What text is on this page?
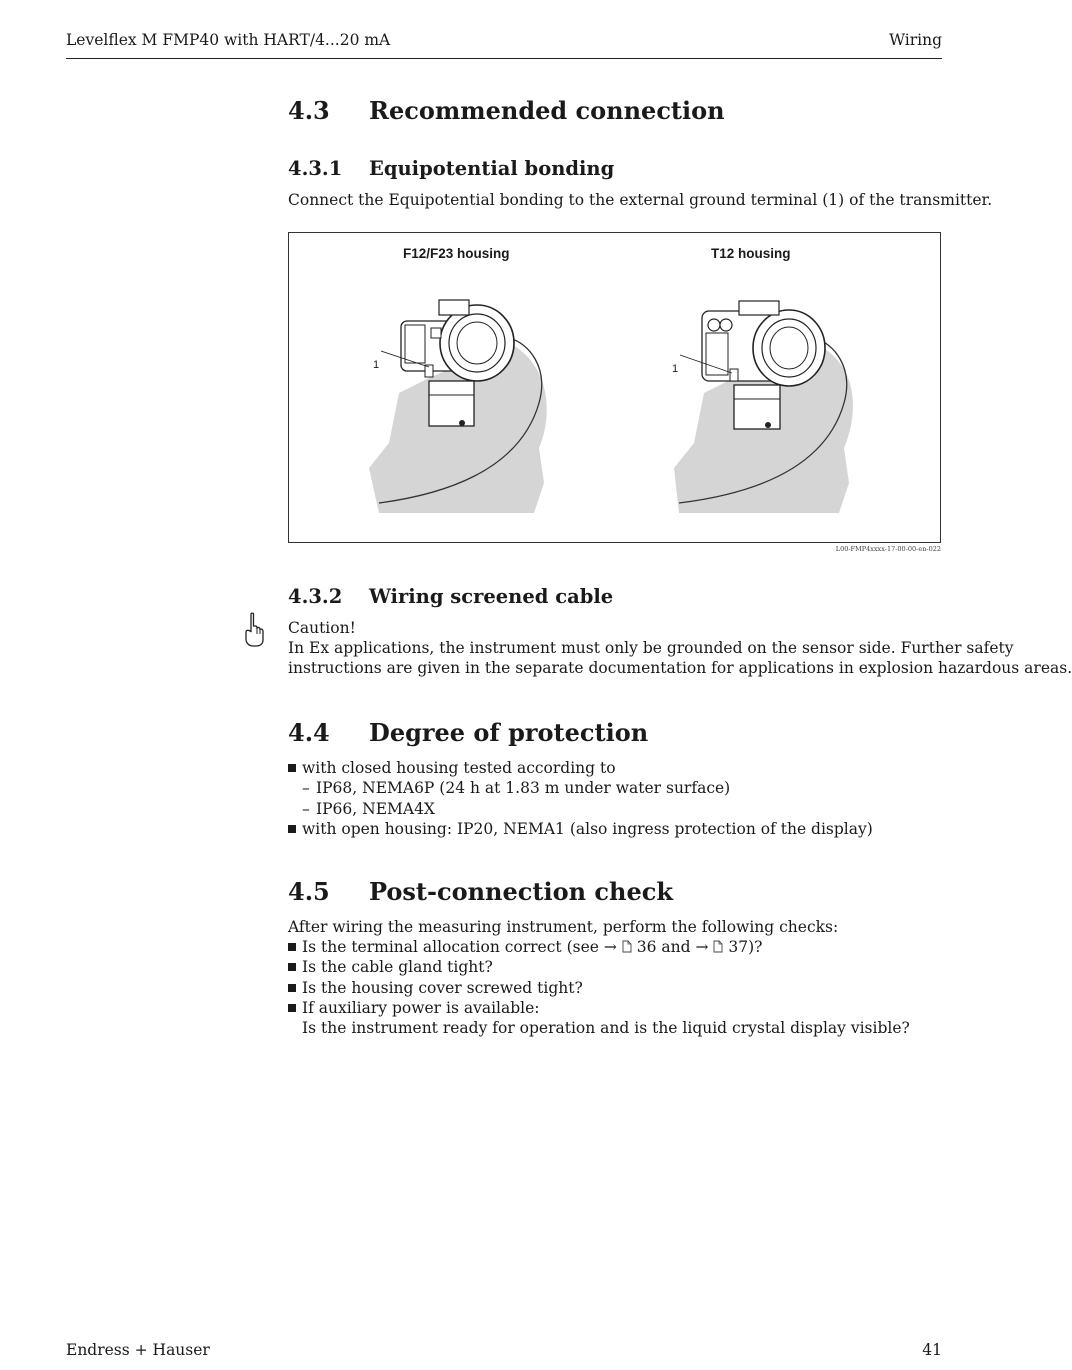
Levelflex M FMP40 with HART/4...20 mA	Wiring
4.3 Recommended connection
4.3.1 Equipotential bonding
Connect the Equipotential bonding to the external ground terminal (1) of the transmitter.
F12/F23 housing	T12 housing
1	1
L00-FMP4xxxx-17-00-00-en-022
4.3.2 Wiring screened cable
Caution!
In Ex applications, the instrument must only be grounded on the sensor side. Further safety
instructions are given in the separate documentation for applications in explosion hazardous areas.
4.4 Degree of protection
with closed housing tested according to
– IP68, NEMA6P (24 h at 1.83 m under water surface)
– IP66, NEMA4X
with open housing: IP20, NEMA1 (also ingress protection of the display)
4.5 Post-connection check
After wiring the measuring instrument, perform the following checks:
Is the terminal allocation correct (see → 36 and → 37)?
Is the cable gland tight?
Is the housing cover screwed tight?
If auxiliary power is available:
Is the instrument ready for operation and is the liquid crystal display visible?
Endress + Hauser	41
